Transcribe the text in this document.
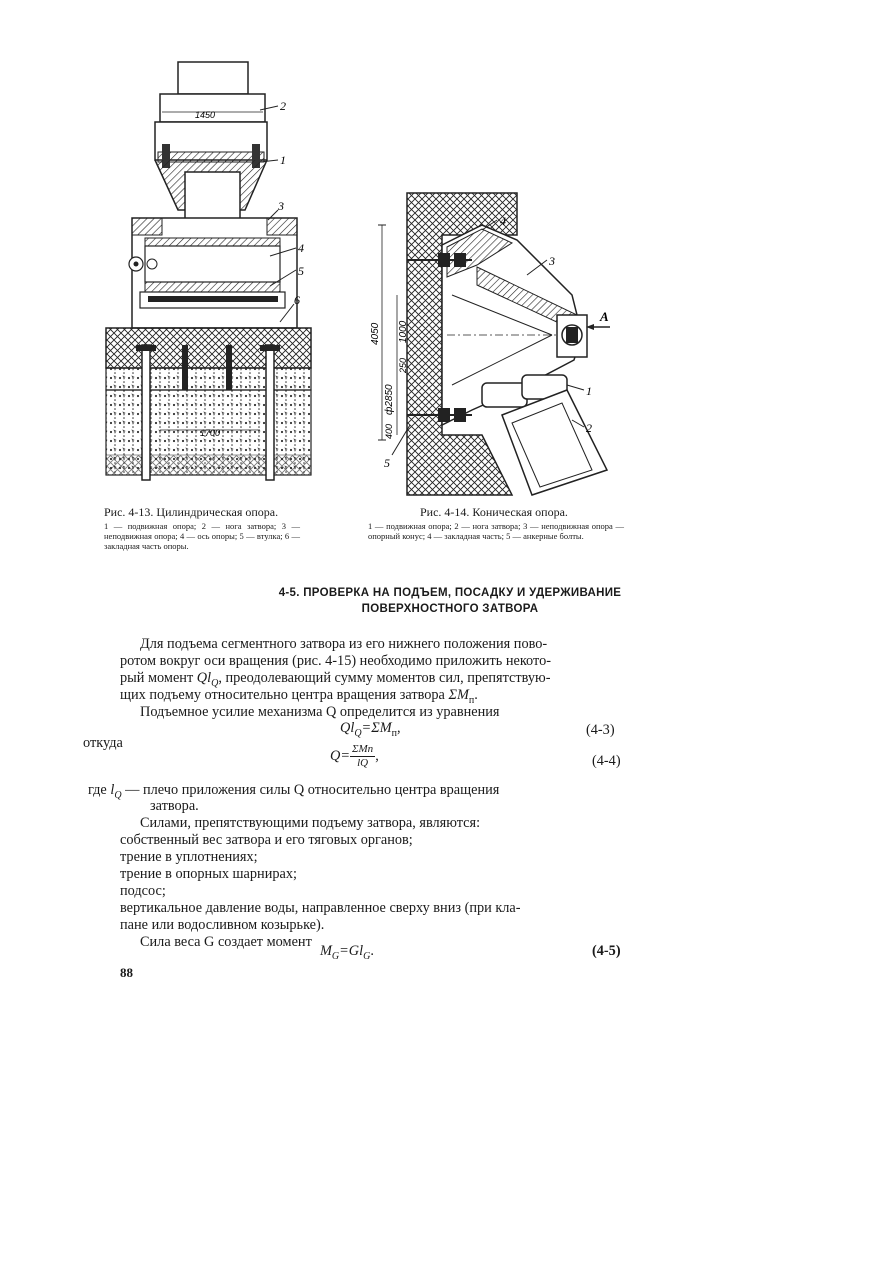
1450
1700
2
1
3
4
5
6
Рис. 4-13. Цилиндрическая опора.
1 — подвижная опора; 2 — нога затвора; 3 — неподвижная опора; 4 — ось опоры; 5 — втулка; 6 — закладная часть опоры.
4050 1000
ф2850
250
400
A
4
3
1
2
5
Рис. 4-14. Коническая опора.
1 — подвижная опора; 2 — нога затвора; 3 — неподвижная опора — опорный конус; 4 — закладная часть; 5 — анкерные болты.
4-5. ПРОВЕРКА НА ПОДЪЕМ, ПОСАДКУ И УДЕРЖИВАНИЕ
ПОВЕРХНОСТНОГО ЗАТВОРА
Для подъема сегментного затвора из его нижнего положения пово-
ротом вокруг оси вращения (рис. 4-15) необходимо приложить некото-
рый момент $Ql_Q$, преодолевающий сумму моментов сил, препятствую-
щих подъему относительно центра вращения затвора $\Sigma M_п$.
Подъемное усилие механизма Q определится из уравнения
$Ql_Q=\Sigma M_п$,	(4-3)
откуда
$Q= \frac{\text{ΣMп}}{lQ}$ ,	(4-4)
где $l_Q$ — плечо приложения силы Q относительно центра вращения
затвора.
Силами, препятствующими подъему затвора, являются:
собственный вес затвора и его тяговых органов;
трение в уплотнениях;
трение в опорных шарнирах;
подсос;
вертикальное давление воды, направленное сверху вниз (при кла-
пане или водосливном козырьке).
Сила веса G создает момент
$M_G=Gl_G$.	(4-5)
88
